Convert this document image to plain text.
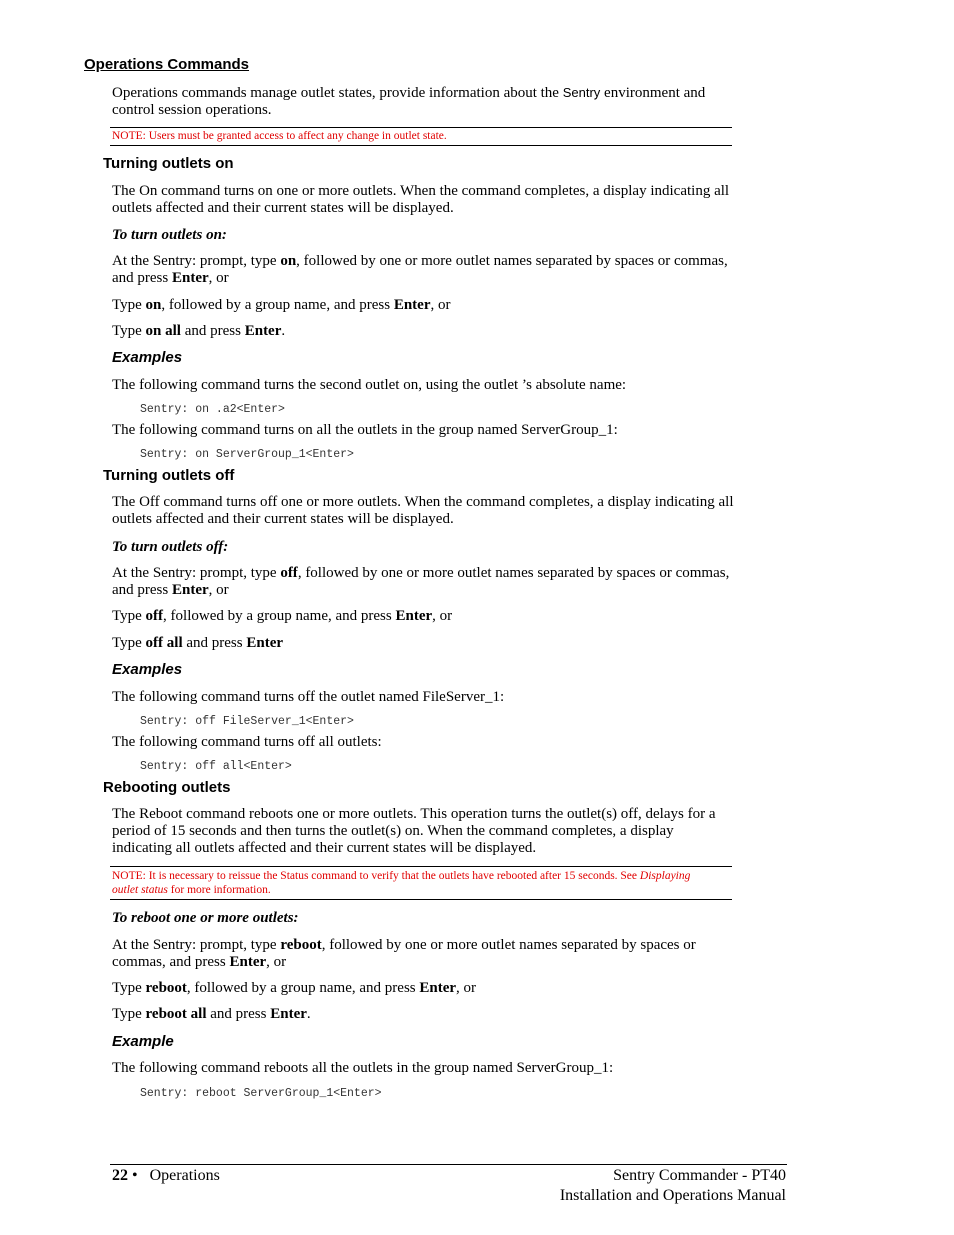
Operations Commands
Operations commands manage outlet states, provide information about the Sentry environment and control session operations.
NOTE: Users must be granted access to affect any change in outlet state.
Turning outlets on
The On command turns on one or more outlets. When the command completes, a display indicating all outlets affected and their current states will be displayed.
To turn outlets on:
At the Sentry: prompt, type on, followed by one or more outlet names separated by spaces or commas, and press Enter, or
Type on, followed by a group name, and press Enter, or
Type on all and press Enter.
Examples
The following command turns the second outlet on, using the outlet ’s absolute name:
Sentry: on .a2<Enter>
The following command turns on all the outlets in the group named ServerGroup_1:
Sentry: on ServerGroup_1<Enter>
Turning outlets off
The Off command turns off one or more outlets. When the command completes, a display indicating all outlets affected and their current states will be displayed.
To turn outlets off:
At the Sentry: prompt, type off, followed by one or more outlet names separated by spaces or commas, and press Enter, or
Type off, followed by a group name, and press Enter, or
Type off all and press Enter
Examples
The following command turns off the outlet named FileServer_1:
Sentry: off FileServer_1<Enter>
The following command turns off all outlets:
Sentry: off all<Enter>
Rebooting outlets
The Reboot command reboots one or more outlets. This operation turns the outlet(s) off, delays for a period of 15 seconds and then turns the outlet(s) on. When the command completes, a display indicating all outlets affected and their current states will be displayed.
NOTE: It is necessary to reissue the Status command to verify that the outlets have rebooted after 15 seconds. See Displaying outlet status for more information.
To reboot one or more outlets:
At the Sentry: prompt, type reboot, followed by one or more outlet names separated by spaces or commas, and press Enter, or
Type reboot, followed by a group name, and press Enter, or
Type reboot all and press Enter.
Example
The following command reboots all the outlets in the group named ServerGroup_1:
Sentry: reboot ServerGroup_1<Enter>
22 • Operations	Sentry Commander - PT40
Installation and Operations Manual
